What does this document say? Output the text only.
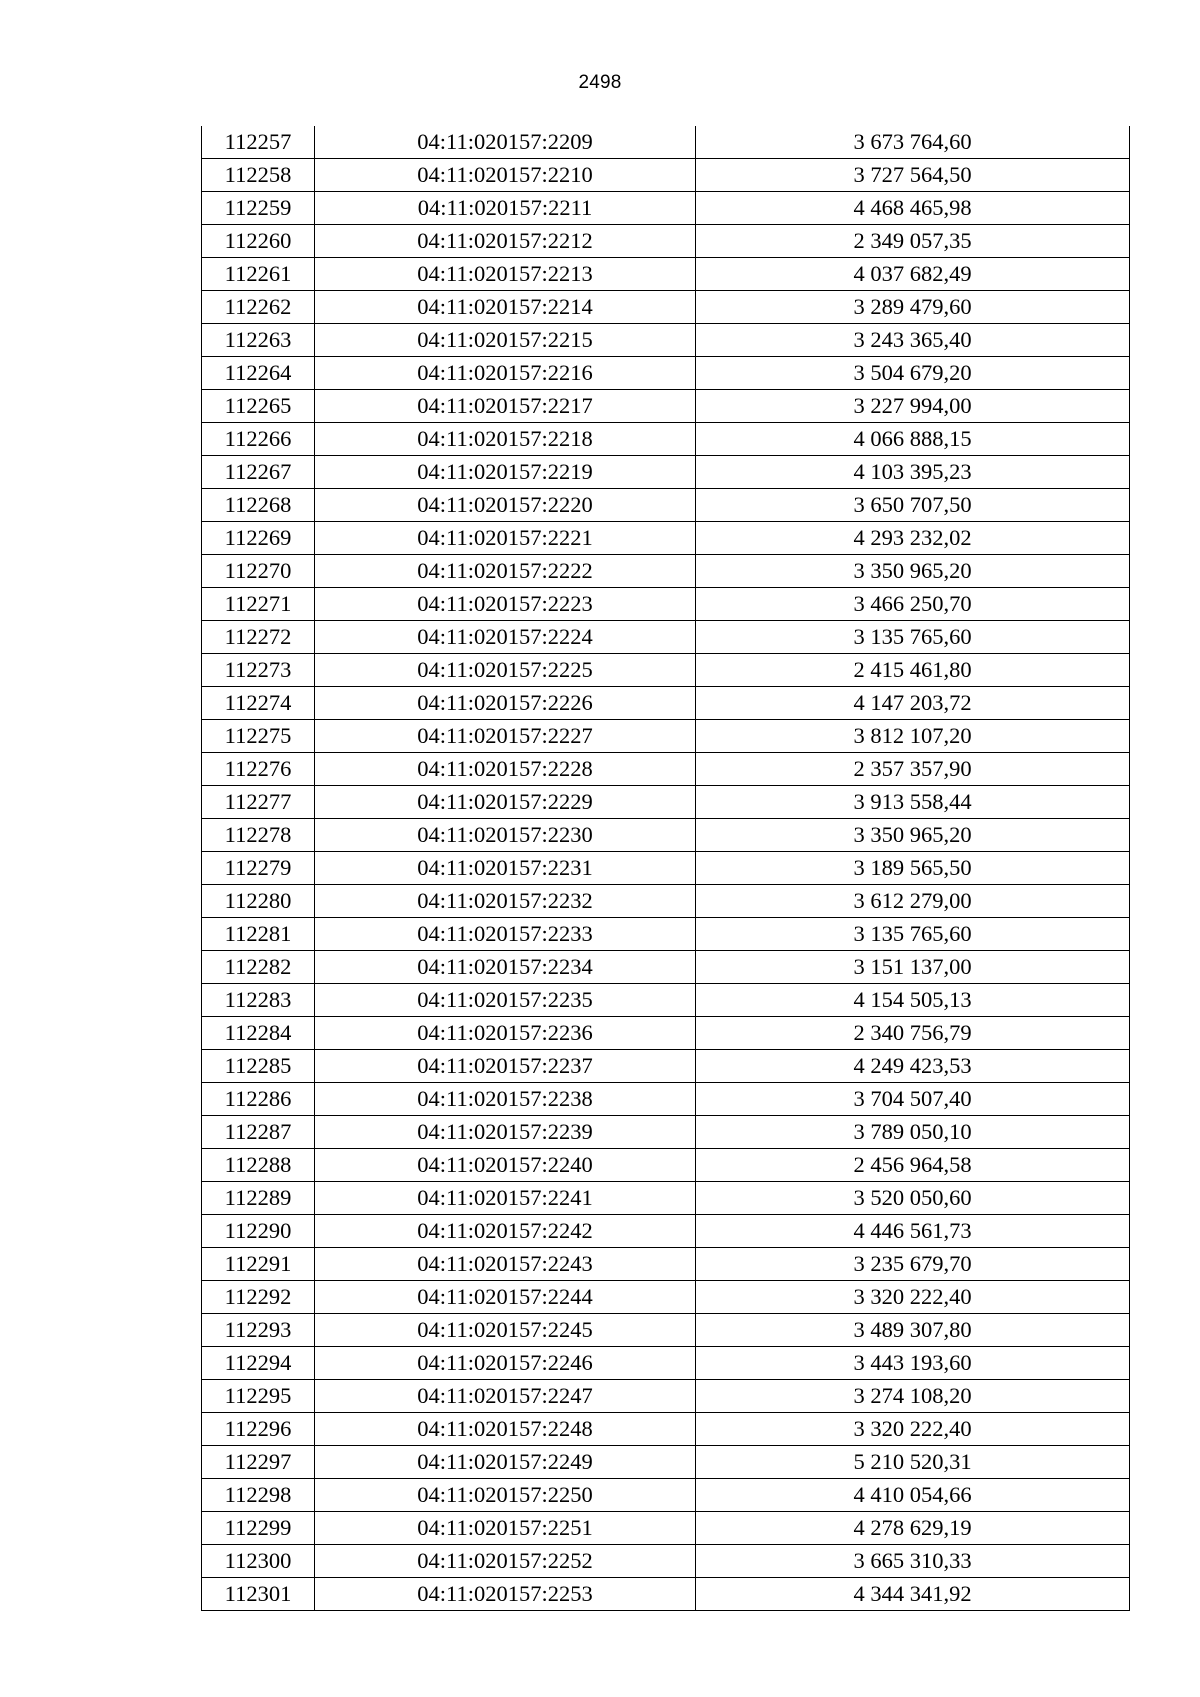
2498
112257	04:11:020157:2209	3 673 764,60
112258	04:11:020157:2210	3 727 564,50
112259	04:11:020157:2211	4 468 465,98
112260	04:11:020157:2212	2 349 057,35
112261	04:11:020157:2213	4 037 682,49
112262	04:11:020157:2214	3 289 479,60
112263	04:11:020157:2215	3 243 365,40
112264	04:11:020157:2216	3 504 679,20
112265	04:11:020157:2217	3 227 994,00
112266	04:11:020157:2218	4 066 888,15
112267	04:11:020157:2219	4 103 395,23
112268	04:11:020157:2220	3 650 707,50
112269	04:11:020157:2221	4 293 232,02
112270	04:11:020157:2222	3 350 965,20
112271	04:11:020157:2223	3 466 250,70
112272	04:11:020157:2224	3 135 765,60
112273	04:11:020157:2225	2 415 461,80
112274	04:11:020157:2226	4 147 203,72
112275	04:11:020157:2227	3 812 107,20
112276	04:11:020157:2228	2 357 357,90
112277	04:11:020157:2229	3 913 558,44
112278	04:11:020157:2230	3 350 965,20
112279	04:11:020157:2231	3 189 565,50
112280	04:11:020157:2232	3 612 279,00
112281	04:11:020157:2233	3 135 765,60
112282	04:11:020157:2234	3 151 137,00
112283	04:11:020157:2235	4 154 505,13
112284	04:11:020157:2236	2 340 756,79
112285	04:11:020157:2237	4 249 423,53
112286	04:11:020157:2238	3 704 507,40
112287	04:11:020157:2239	3 789 050,10
112288	04:11:020157:2240	2 456 964,58
112289	04:11:020157:2241	3 520 050,60
112290	04:11:020157:2242	4 446 561,73
112291	04:11:020157:2243	3 235 679,70
112292	04:11:020157:2244	3 320 222,40
112293	04:11:020157:2245	3 489 307,80
112294	04:11:020157:2246	3 443 193,60
112295	04:11:020157:2247	3 274 108,20
112296	04:11:020157:2248	3 320 222,40
112297	04:11:020157:2249	5 210 520,31
112298	04:11:020157:2250	4 410 054,66
112299	04:11:020157:2251	4 278 629,19
112300	04:11:020157:2252	3 665 310,33
112301	04:11:020157:2253	4 344 341,92
